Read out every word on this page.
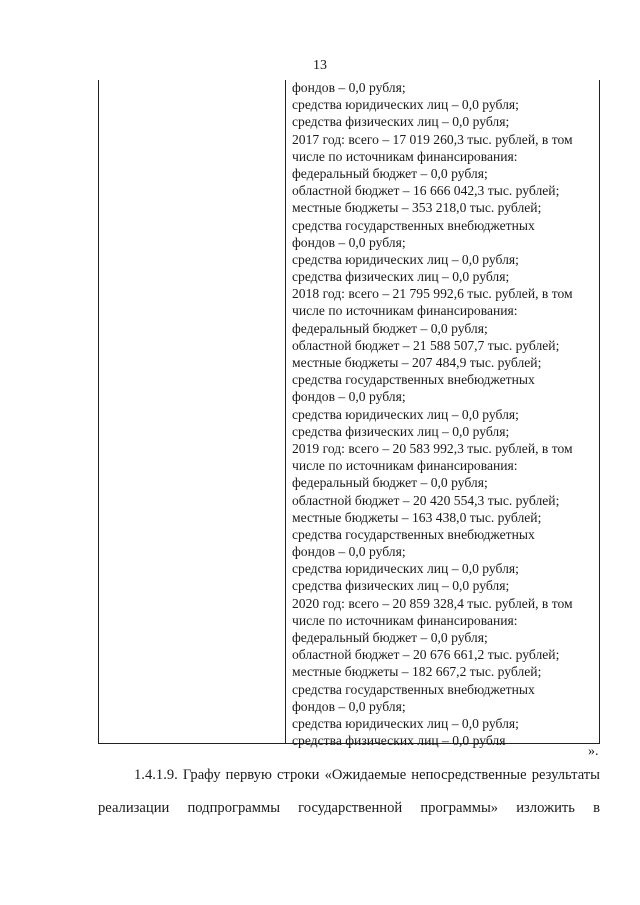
13
фондов – 0,0 рубля;
средства юридических лиц – 0,0 рубля;
средства физических лиц – 0,0 рубля;
2017 год: всего – 17 019 260,3 тыс. рублей, в том
числе по источникам финансирования:
федеральный бюджет – 0,0 рубля;
областной бюджет – 16 666 042,3 тыс. рублей;
местные бюджеты – 353 218,0 тыс. рублей;
средства государственных внебюджетных
фондов – 0,0 рубля;
средства юридических лиц – 0,0 рубля;
средства физических лиц – 0,0 рубля;
2018 год: всего – 21 795 992,6 тыс. рублей, в том
числе по источникам финансирования:
федеральный бюджет – 0,0 рубля;
областной бюджет – 21 588 507,7 тыс. рублей;
местные бюджеты – 207 484,9 тыс. рублей;
средства государственных внебюджетных
фондов – 0,0 рубля;
средства юридических лиц – 0,0 рубля;
средства физических лиц – 0,0 рубля;
2019 год: всего – 20 583 992,3 тыс. рублей, в том
числе по источникам финансирования:
федеральный бюджет – 0,0 рубля;
областной бюджет – 20 420 554,3 тыс. рублей;
местные бюджеты – 163 438,0 тыс. рублей;
средства государственных внебюджетных
фондов – 0,0 рубля;
средства юридических лиц – 0,0 рубля;
средства физических лиц – 0,0 рубля;
2020 год: всего – 20 859 328,4 тыс. рублей, в том
числе по источникам финансирования:
федеральный бюджет – 0,0 рубля;
областной бюджет – 20 676 661,2 тыс. рублей;
местные бюджеты – 182 667,2 тыс. рублей;
средства государственных внебюджетных
фондов – 0,0 рубля;
средства юридических лиц – 0,0 рубля;
средства физических лиц – 0,0 рубля
».
1.4.1.9. Графу первую строки «Ожидаемые непосредственные результаты
реализации подпрограммы государственной программы» изложить в
